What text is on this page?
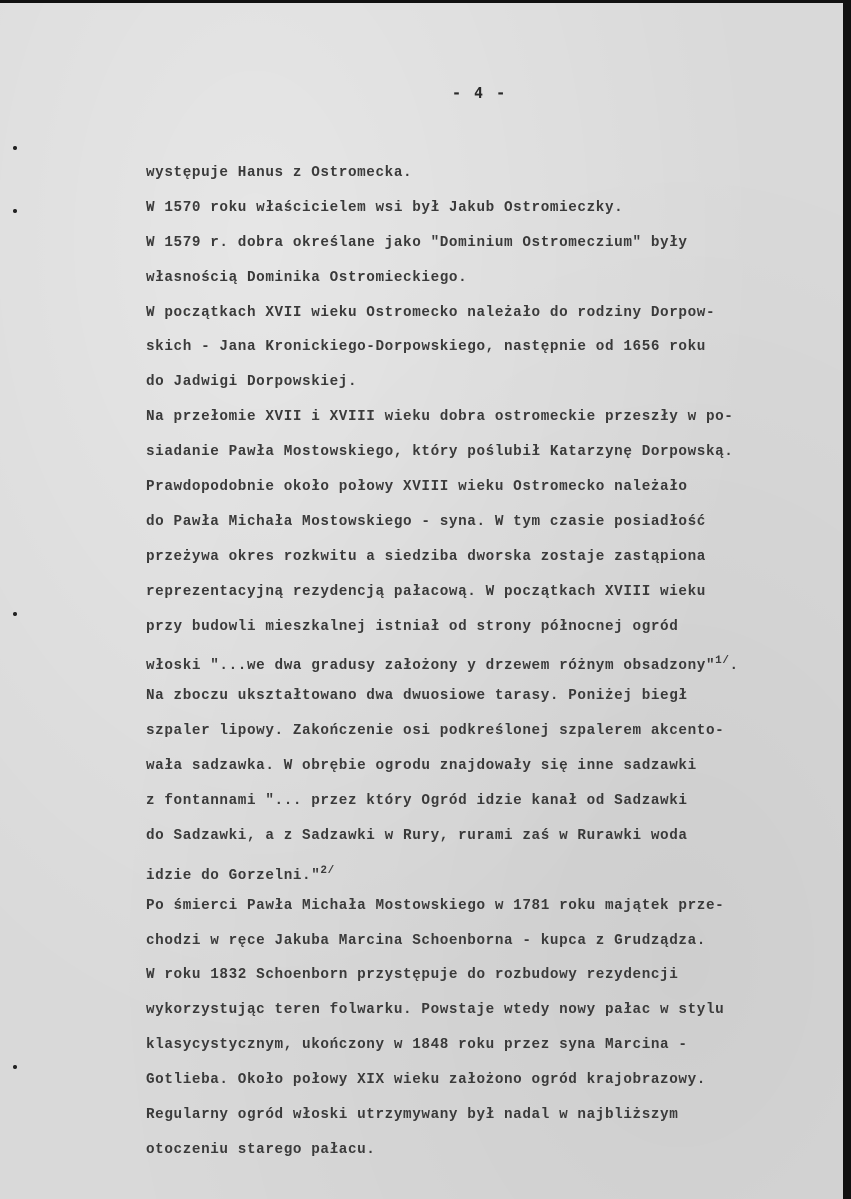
- 4 -
występuje Hanus z Ostromecka.
W 1570 roku właścicielem wsi był Jakub Ostromieczky.
W 1579 r. dobra określane jako "Dominium Ostromeczium" były
własnością Dominika Ostromieckiego.
W początkach XVII wieku Ostromecko należało do rodziny Dorpow-
skich - Jana Kronickiego-Dorpowskiego, następnie od 1656 roku
do Jadwigi Dorpowskiej.
Na przełomie XVII i XVIII wieku dobra ostromeckie przeszły w po-
siadanie Pawła Mostowskiego, który poślubił Katarzynę Dorpowską.
Prawdopodobnie około połowy XVIII wieku Ostromecko należało
do Pawła Michała Mostowskiego - syna. W tym czasie posiadłość
przeżywa okres rozkwitu a siedziba dworska zostaje zastąpiona
reprezentacyjną rezydencją pałacową. W początkach XVIII wieku
przy budowli mieszkalnej istniał od strony północnej ogród
włoski "...we dwa gradusy założony y drzewem różnym obsadzony"$^{1/}$.
Na zboczu ukształtowano dwa dwuosiowe tarasy. Poniżej biegł
szpaler lipowy. Zakończenie osi podkreślonej szpalerem akcento-
wała sadzawka. W obrębie ogrodu znajdowały się inne sadzawki
z fontannami "... przez który Ogród idzie kanał od Sadzawki
do Sadzawki, a z Sadzawki w Rury, rurami zaś w Rurawki woda
idzie do Gorzelni."$^{2/}$
Po śmierci Pawła Michała Mostowskiego w 1781 roku majątek prze-
chodzi w ręce Jakuba Marcina Schoenborna - kupca z Grudządza.
W roku 1832 Schoenborn przystępuje do rozbudowy rezydencji
wykorzystując teren folwarku. Powstaje wtedy nowy pałac w stylu
klasycystycznym, ukończony w 1848 roku przez syna Marcina -
Gotlieba. Około połowy XIX wieku założono ogród krajobrazowy.
Regularny ogród włoski utrzymywany był nadal w najbliższym
otoczeniu starego pałacu.
